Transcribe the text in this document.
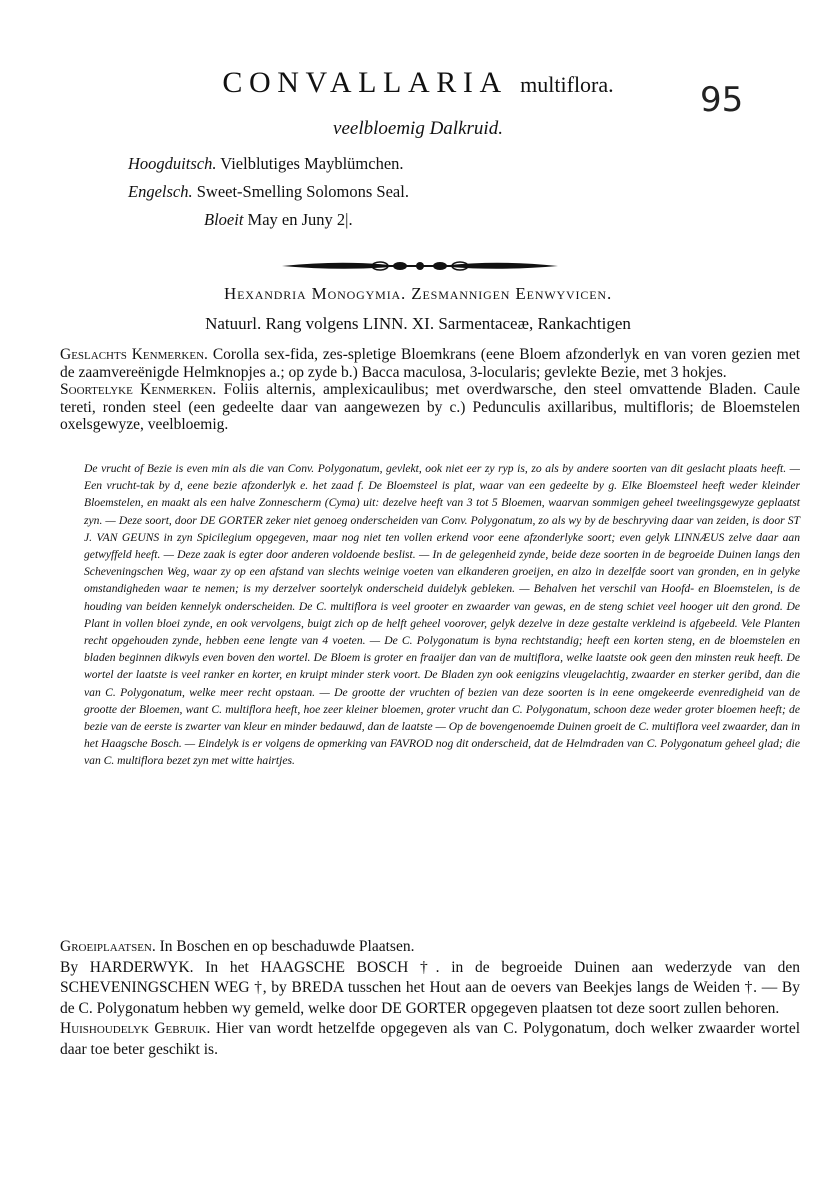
CONVALLARIA multiflora.	95
veelbloemig Dalkruid.
Hoogduitsch. Vielblutiges Mayblümchen.
Engelsch. Sweet-Smelling Solomons Seal.
Bloeit May en Juny 2|.
Hexandria Monogymia. Zesmannigen Eenwyvicen.
Natuurl. Rang volgens LINN. XI. Sarmentaceæ, Rankachtigen

Geslachts Kenmerken. Corolla sex-fida, zes-spletige Bloemkrans (eene Bloem afzonderlyk en van voren gezien met de zaamvereënigde Helmknopjes a.; op zyde b.) Bacca maculosa, 3-locularis; gevlekte Bezie, met 3 hokjes.

Soortelyke Kenmerken. Foliis alternis, amplexicaulibus; met overdwarsche, den steel omvattende Bladen. Caule tereti, ronden steel (een gedeelte daar van aangewezen by c.) Pedunculis axillaribus, multifloris; de Bloemstelen oxelsgewyze, veelbloemig.

De vrucht of Bezie is even min als die van Conv. Polygonatum, gevlekt, ook niet eer zy ryp is, zo als by andere soorten van dit geslacht plaats heeft. — Een vrucht-tak by d, eene bezie afzonderlyk e. het zaad f. De Bloemsteel is plat, waar van een gedeelte by g. Elke Bloemsteel heeft weder kleinder Bloemstelen, en maakt als een halve Zonnescherm (Cyma) uit: dezelve heeft van 3 tot 5 Bloemen, waarvan sommigen geheel tweelingsgewyze geplaatst zyn. — Deze soort, door DE GORTER zeker niet genoeg onderscheiden van Conv. Polygonatum, zo als wy by de beschryving daar van zeiden, is door ST J. VAN GEUNS in zyn Spicilegium opgegeven, maar nog niet ten vollen erkend voor eene afzonderlyke soort; even gelyk LINNÆUS zelve daar aan getwyffeld heeft. — Deze zaak is egter door anderen voldoende beslist. — In de gelegenheid zynde, beide deze soorten in de begroeide Duinen langs den Scheveningschen Weg, waar zy op een afstand van slechts weinige voeten van elkanderen groeijen, en alzo in dezelfde soort van gronden, en in gelyke omstandigheden waar te nemen; is my derzelver soortelyk onderscheid duidelyk gebleken. — Behalven het verschil van Hoofd- en Bloemstelen, is de houding van beiden kennelyk onderscheiden. De C. multiflora is veel grooter en zwaarder van gewas, en de steng schiet veel hooger uit den grond. De Plant in vollen bloei zynde, en ook vervolgens, buigt zich op de helft geheel voorover, gelyk dezelve in deze gestalte verkleind is afgebeeld. Vele Planten recht opgehouden zynde, hebben eene lengte van 4 voeten. — De C. Polygonatum is byna rechtstandig; heeft een korten steng, en de bloemstelen en bladen beginnen dikwyls even boven den wortel. De Bloem is groter en fraaijer dan van de multiflora, welke laatste ook geen den minsten reuk heeft. De wortel der laatste is veel ranker en korter, en kruipt minder sterk voort. De Bladen zyn ook eenigzins vleugelachtig, zwaarder en sterker geribd, dan die van C. Polygonatum, welke meer recht opstaan. — De grootte der vruchten of bezien van deze soorten is in eene omgekeerde evenredigheid van de grootte der Bloemen, want C. multiflora heeft, hoe zeer kleiner bloemen, groter vrucht dan C. Polygonatum, schoon deze weder groter bloemen heeft; de bezie van de eerste is zwarter van kleur en minder bedauwd, dan de laatste — Op de bovengenoemde Duinen groeit de C. multiflora veel zwaarder, dan in het Haagsche Bosch. — Eindelyk is er volgens de opmerking van FAVROD nog dit onderscheid, dat de Helmdraden van C. Polygonatum geheel glad; die van C. multiflora bezet zyn met witte hairtjes.

Groeiplaatsen. In Boschen en op beschaduwde Plaatsen.

By HARDERWYK. In het HAAGSCHE BOSCH †. in de begroeide Duinen aan wederzyde van den SCHEVENINGSCHEN WEG †, by BREDA tusschen het Hout aan de oevers van Beekjes langs de Weiden †. — By de C. Polygonatum hebben wy gemeld, welke door DE GORTER opgegeven plaatsen tot deze soort zullen behoren.

Huishoudelyk Gebruik. Hier van wordt hetzelfde opgegeven als van C. Polygonatum, doch welker zwaarder wortel daar toe beter geschikt is.
